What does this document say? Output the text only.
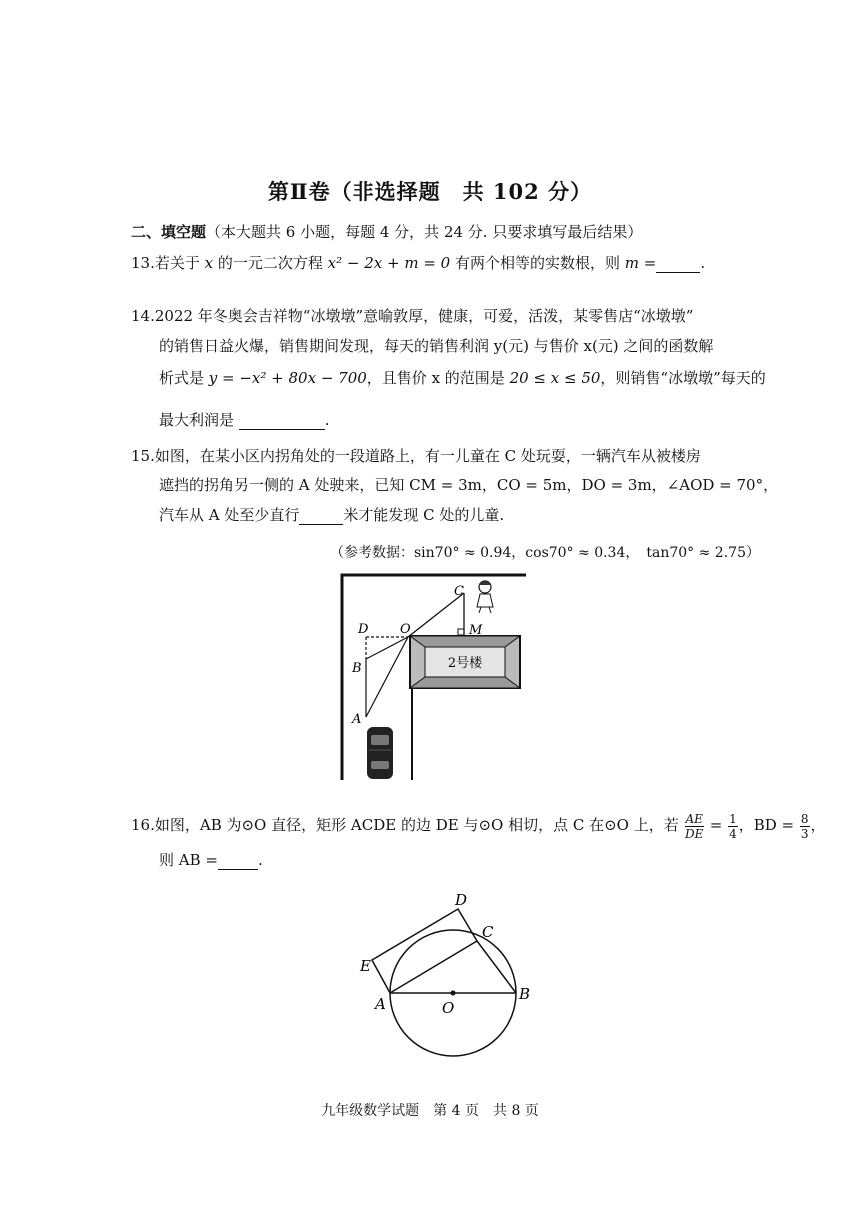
第Ⅱ卷（非选择题　共 102 分）
二、填空题（本大题共 6 小题，每题 4 分，共 24 分. 只要求填写最后结果）
13.若关于 x 的一元二次方程 x² − 2x + m = 0 有两个相等的实数根，则 m =	.
14.2022 年冬奥会吉祥物“冰墩墩”意喻敦厚，健康，可爱，活泼，某零售店“冰墩墩”
的销售日益火爆，销售期间发现，每天的销售利润 y(元) 与售价 x(元) 之间的函数解
析式是 y = −x² + 80x − 700，且售价 x 的范围是 20 ≤ x ≤ 50，则销售“冰墩墩”每天的
最大利润是	.
15.如图，在某小区内拐角处的一段道路上，有一儿童在 C 处玩耍，一辆汽车从被楼房
遮挡的拐角另一侧的 A 处驶来，已知 CM = 3m，CO = 5m，DO = 3m，∠AOD = 70°，
汽车从 A 处至少直行	米才能发现 C 处的儿童.
（参考数据：sin70° ≈ 0.94，cos70° ≈ 0.34，　tan70° ≈ 2.75）
2号楼
C
D O	M
B
A
16.如图，AB 为⊙O 直径，矩形 ACDE 的边 DE 与⊙O 相切，点 C 在⊙O 上，若 $\frac{AE}{DE} = \frac{1}{4}$ ，BD = $\frac{8}{3}$ ，
则 AB =	.
A
B
C
D
E
O
九年级数学试题　第 4 页　共 8 页
